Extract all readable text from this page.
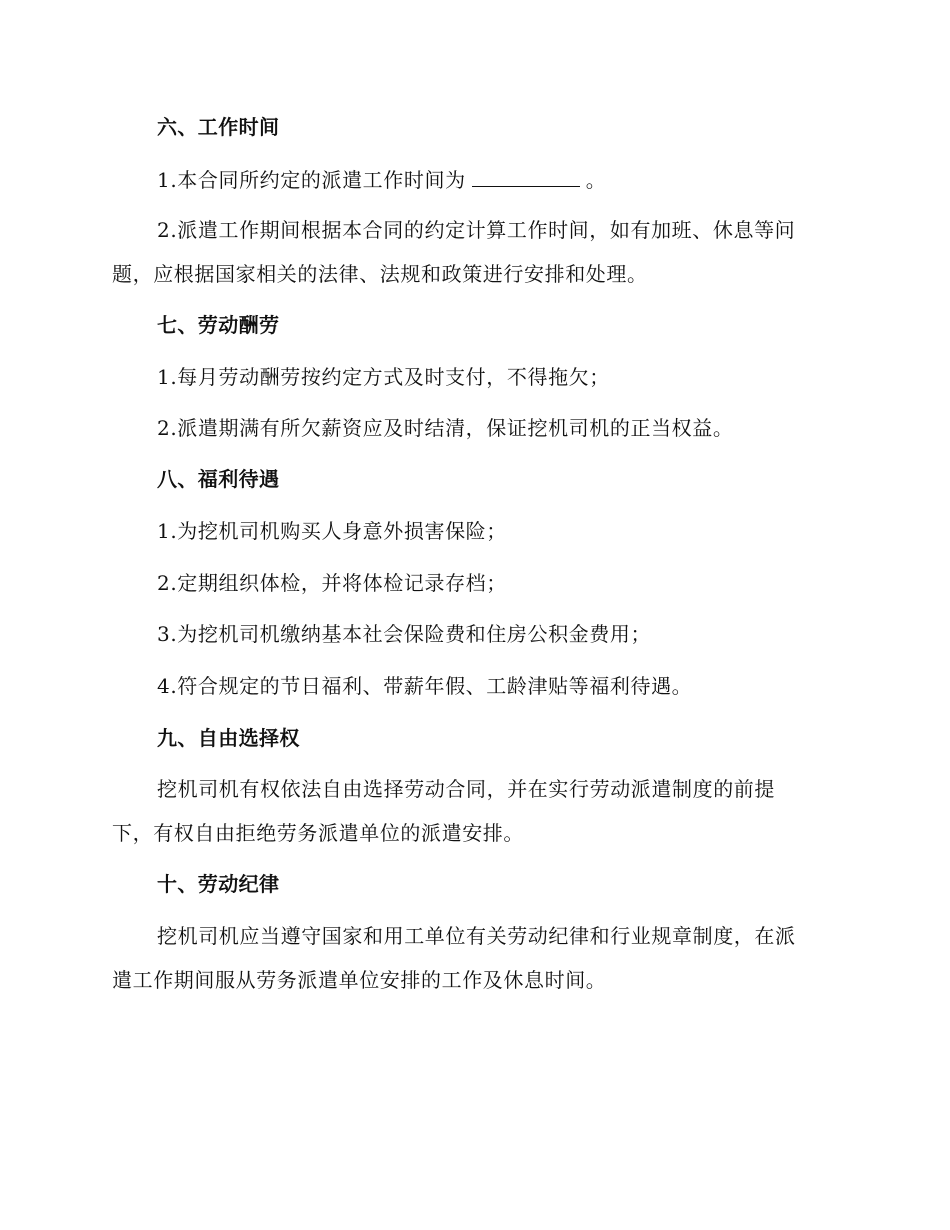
六、工作时间
1.本合同所约定的派遣工作时间为	。
2.派遣工作期间根据本合同的约定计算工作时间，如有加班、休息等问
题，应根据国家相关的法律、法规和政策进行安排和处理。
七、劳动酬劳
1.每月劳动酬劳按约定方式及时支付，不得拖欠；
2.派遣期满有所欠薪资应及时结清，保证挖机司机的正当权益。
八、福利待遇
1.为挖机司机购买人身意外损害保险；
2.定期组织体检，并将体检记录存档；
3.为挖机司机缴纳基本社会保险费和住房公积金费用；
4.符合规定的节日福利、带薪年假、工龄津贴等福利待遇。
九、自由选择权
挖机司机有权依法自由选择劳动合同，并在实行劳动派遣制度的前提
下，有权自由拒绝劳务派遣单位的派遣安排。
十、劳动纪律
挖机司机应当遵守国家和用工单位有关劳动纪律和行业规章制度，在派
遣工作期间服从劳务派遣单位安排的工作及休息时间。
